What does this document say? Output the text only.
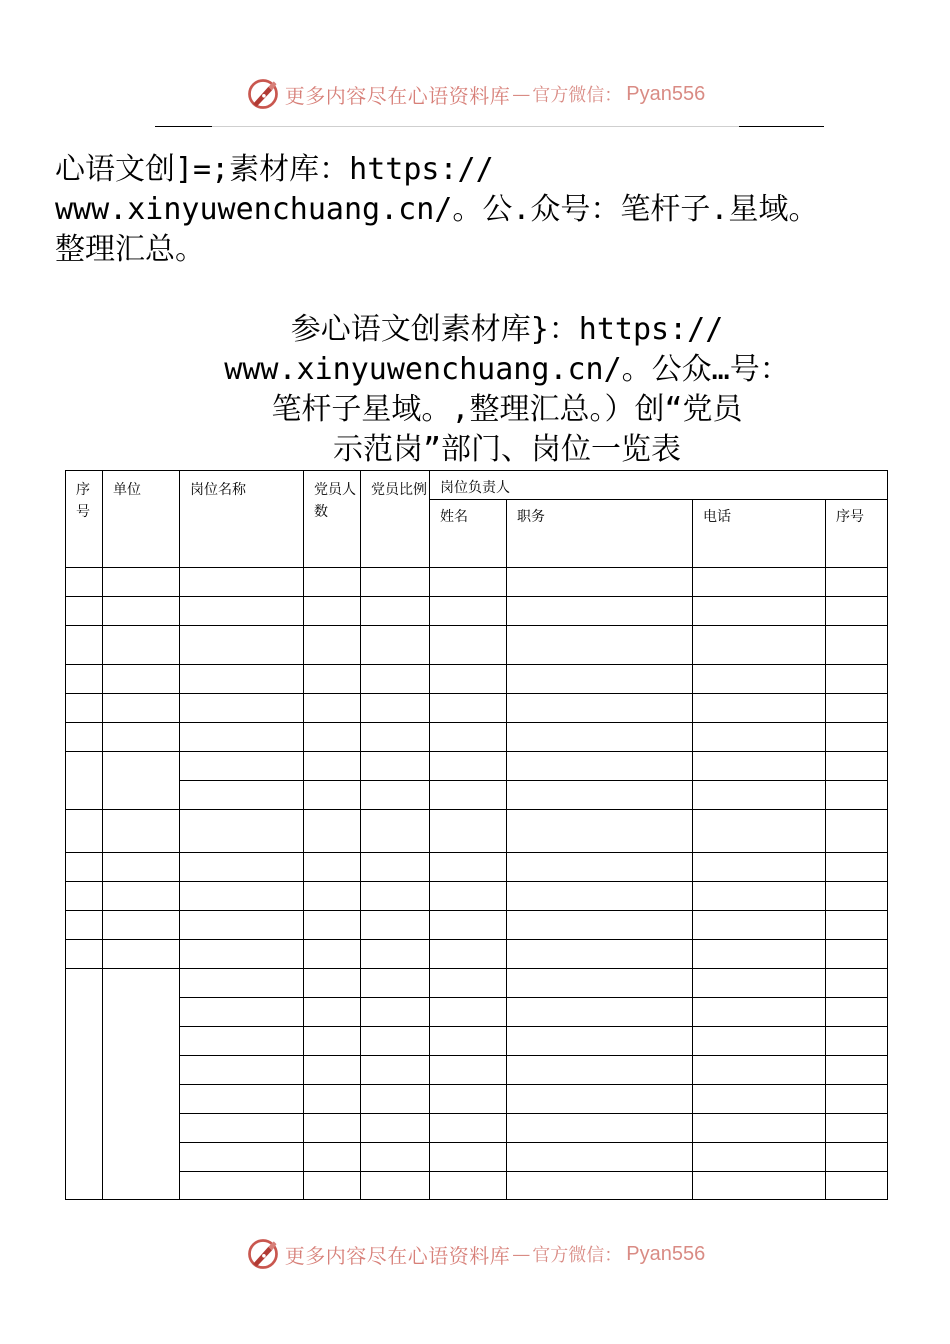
更多内容尽在心语资料库 — 官方微信： Pyan556
心语文创]=;素材库：https://
www.xinyuwenchuang.cn/。公.众号：笔杆子.星域。
整理汇总。
参心语文创素材库}：https://
www.xinyuwenchuang.cn/。公众…号：
笔杆子星域。,整理汇总。）创“党员
示范岗”部门、岗位一览表
序号	单位	岗位名称	党员人数	党员比例	岗位负责人			
					姓名	职务	电话	序号

更多内容尽在心语资料库 — 官方微信： Pyan556
